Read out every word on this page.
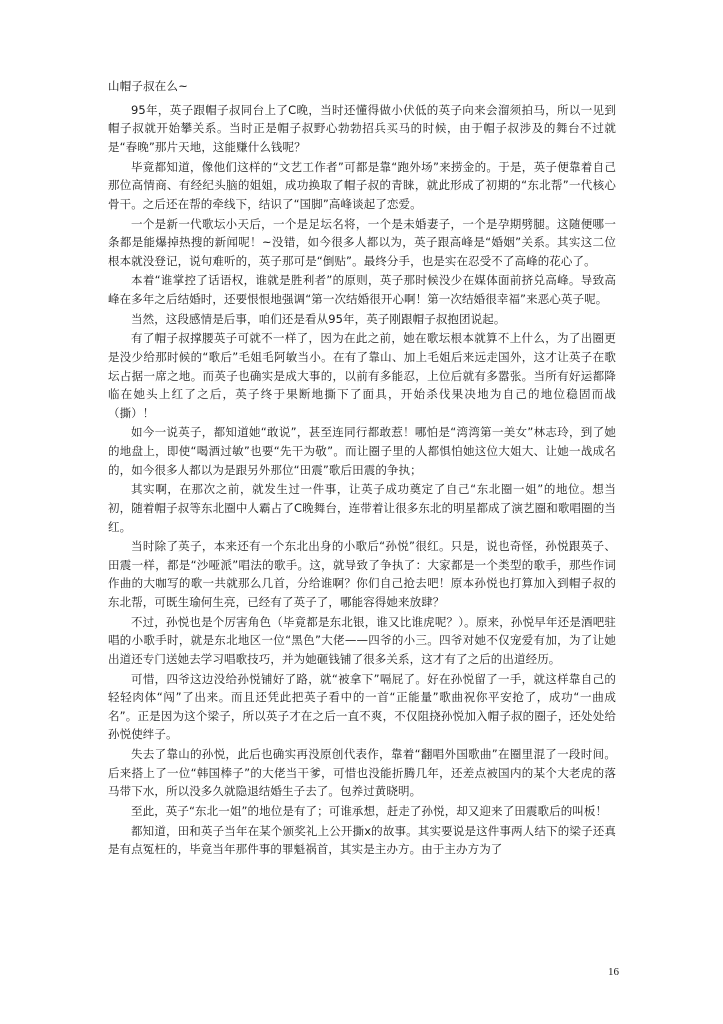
山帽子叔在么~

95年，英子跟帽子叔同台上了C晚，当时还懂得做小伏低的英子向来会溜须拍马，所以一见到帽子叔就开始攀关系。当时正是帽子叔野心勃勃招兵买马的时候，由于帽子叔涉及的舞台不过就是“春晚”那片天地，这能赚什么钱呢？

毕竟都知道，像他们这样的“文艺工作者”可都是靠“跑外场”来捞金的。于是，英子便靠着自己那位高情商、有经纪头脑的姐姐，成功换取了帽子叔的青睐，就此形成了初期的“东北帮”一代核心骨干。之后还在帮的牵线下，结识了“国脚”高峰谈起了恋爱。

一个是新一代歌坛小天后，一个是足坛名将，一个是未婚妻子，一个是孕期劈腿。这随便哪一条都是能爆掉热搜的新闻呢！~没错，如今很多人都以为，英子跟高峰是“婚姻”关系。其实这二位根本就没登记，说句难听的，英子那可是“倒贴”。最终分手，也是实在忍受不了高峰的花心了。

本着“谁掌控了话语权，谁就是胜利者”的原则，英子那时候没少在媒体面前挤兑高峰。导致高峰在多年之后结婚时，还要恨恨地强调“第一次结婚很开心啊！第一次结婚很幸福”来恶心英子呢。

当然，这段感情是后事，咱们还是看从95年，英子刚跟帽子叔抱团说起。

有了帽子叔撑腰英子可就不一样了，因为在此之前，她在歌坛根本就算不上什么，为了出圈更是没少给那时候的“歌后”毛姐毛阿敏当小。在有了靠山、加上毛姐后来远走国外，这才让英子在歌坛占据一席之地。而英子也确实是成大事的，以前有多能忍，上位后就有多嚣张。当所有好运都降临在她头上红了之后，英子终于果断地撕下了面具，开始杀伐果决地为自己的地位稳固而战（撕）！

如今一说英子，都知道她“敢说”，甚至连同行都敢惹！哪怕是“湾湾第一美女”林志玲，到了她的地盘上，即使“喝酒过敏”也要“先干为敬”。而让圈子里的人都惧怕她这位大姐大、让她一战成名的，如今很多人都以为是跟另外那位“田震”歌后田震的争执；

其实啊，在那次之前，就发生过一件事，让英子成功奠定了自己“东北圈一姐”的地位。想当初，随着帽子叔等东北圈中人霸占了C晚舞台，连带着让很多东北的明星都成了演艺圈和歌唱圈的当红。

当时除了英子，本来还有一个东北出身的小歌后“孙悦”很红。只是，说也奇怪，孙悦跟英子、田震一样，都是“沙哑派”唱法的歌手。这，就导致了争执了：大家都是一个类型的歌手，那些作词作曲的大咖写的歌一共就那么几首，分给谁啊？你们自己抢去吧！原本孙悦也打算加入到帽子叔的东北帮，可既生瑜何生亮，已经有了英子了，哪能容得她来放肆？

不过，孙悦也是个厉害角色（毕竟都是东北银，谁又比谁虎呢？）。原来，孙悦早年还是酒吧驻唱的小歌手时，就是东北地区一位“黑色”大佬——四爷的小三。四爷对她不仅宠爱有加，为了让她出道还专门送她去学习唱歌技巧，并为她砸钱铺了很多关系，这才有了之后的出道经历。

可惜，四爷这边没给孙悦铺好了路，就“被拿下”嗝屁了。好在孙悦留了一手，就这样靠自己的轻轻肉体“闯”了出来。而且还凭此把英子看中的一首“正能量”歌曲祝你平安抢了，成功“一曲成名”。正是因为这个梁子，所以英子才在之后一直不爽，不仅阻挠孙悦加入帽子叔的圈子，还处处给孙悦使绊子。

失去了靠山的孙悦，此后也确实再没原创代表作，靠着“翻唱外国歌曲”在圈里混了一段时间。后来搭上了一位“韩国棒子”的大佬当干爹，可惜也没能折腾几年，还差点被国内的某个大老虎的落马带下水，所以没多久就隐退结婚生子去了。包养过黄晓明。

至此，英子“东北一姐”的地位是有了；可谁承想，赶走了孙悦，却又迎来了田震歌后的叫板！

都知道，田和英子当年在某个颁奖礼上公开撕x的故事。其实要说是这件事两人结下的梁子还真是有点冤枉的，毕竟当年那件事的罪魁祸首，其实是主办方。由于主办方为了

16
